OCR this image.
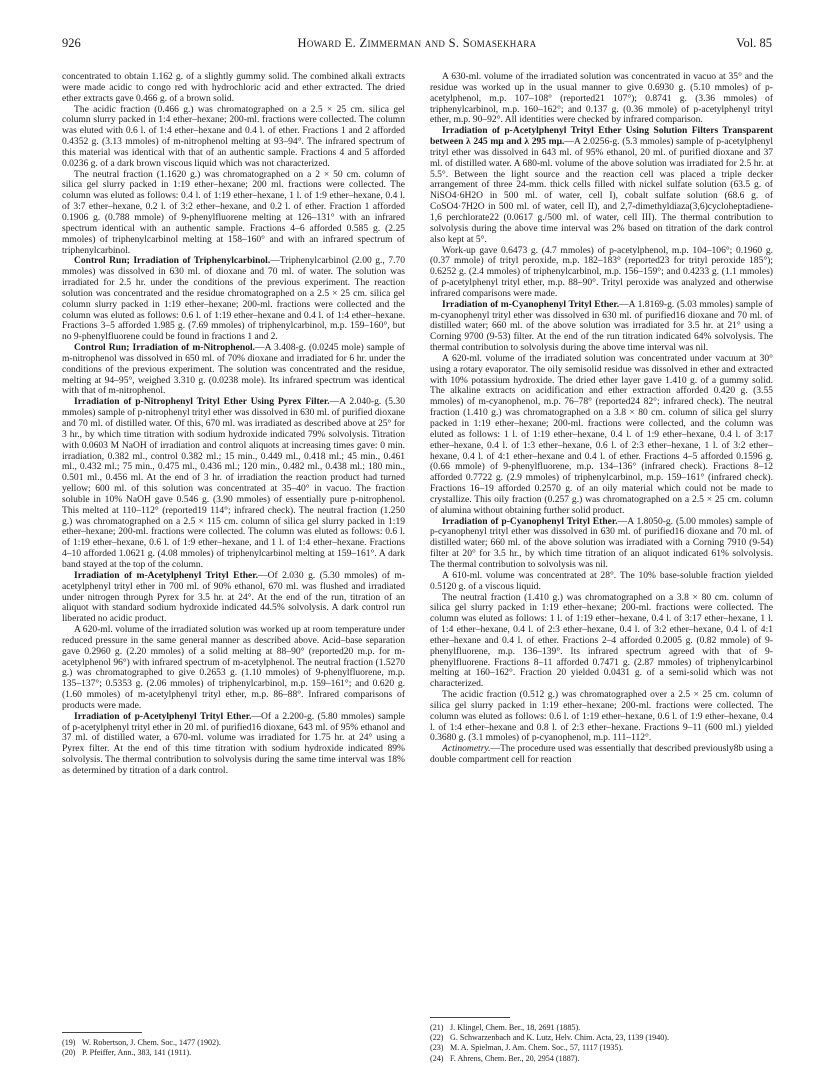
926	Howard E. Zimmerman and S. Somasekhara	Vol. 85

concentrated to obtain 1.162 g. of a slightly gummy solid. The combined alkali extracts were made acidic to congo red with hydrochloric acid and ether extracted. The dried ether extracts gave 0.466 g. of a brown solid.

The acidic fraction (0.466 g.) was chromatographed on a 2.5 × 25 cm. silica gel column slurry packed in 1:4 ether–hexane; 200-ml. fractions were collected. The column was eluted with 0.6 l. of 1:4 ether–hexane and 0.4 l. of ether. Fractions 1 and 2 afforded 0.4352 g. (3.13 mmoles) of m-nitrophenol melting at 93–94°. The infrared spectrum of this material was identical with that of an authentic sample. Fractions 4 and 5 afforded 0.0236 g. of a dark brown viscous liquid which was not characterized.

The neutral fraction (1.1620 g.) was chromatographed on a 2 × 50 cm. column of silica gel slurry packed in 1:19 ether–hexane; 200 ml. fractions were collected. The column was eluted as follows: 0.4 l. of 1:19 ether–hexane, 1 l. of 1:9 ether–hexane, 0.4 l. of 3:7 ether–hexane, 0.2 l. of 3:2 ether–hexane, and 0.2 l. of ether. Fraction 1 afforded 0.1906 g. (0.788 mmole) of 9-phenylfluorene melting at 126–131° with an infrared spectrum identical with an authentic sample. Fractions 4–6 afforded 0.585 g. (2.25 mmoles) of triphenylcarbinol melting at 158–160° and with an infrared spectrum of triphenylcarbinol.

Control Run; Irradiation of Triphenylcarbinol.—Triphenylcarbinol (2.00 g., 7.70 mmoles) was dissolved in 630 ml. of dioxane and 70 ml. of water. The solution was irradiated for 2.5 hr. under the conditions of the previous experiment. The reaction solution was concentrated and the residue chromatographed on a 2.5 × 25 cm. silica gel column slurry packed in 1:19 ether–hexane; 200-ml. fractions were collected and the column was eluted as follows: 0.6 l. of 1:19 ether–hexane and 0.4 l. of 1:4 ether–hexane. Fractions 3–5 afforded 1.985 g. (7.69 mmoles) of triphenylcarbinol, m.p. 159–160°, but no 9-phenylfluorene could be found in fractions 1 and 2.

Control Run; Irradiation of m-Nitrophenol.—A 3.408-g. (0.0245 mole) sample of m-nitrophenol was dissolved in 650 ml. of 70% dioxane and irradiated for 6 hr. under the conditions of the previous experiment. The solution was concentrated and the residue, melting at 94–95°, weighed 3.310 g. (0.0238 mole). Its infrared spectrum was identical with that of m-nitrophenol.

Irradiation of p-Nitrophenyl Trityl Ether Using Pyrex Filter.—A 2.040-g. (5.30 mmoles) sample of p-nitrophenyl trityl ether was dissolved in 630 ml. of purified dioxane and 70 ml. of distilled water. Of this, 670 ml. was irradiated as described above at 25° for 3 hr., by which time titration with sodium hydroxide indicated 79% solvolysis. Titration with 0.0603 M NaOH of irradiation and control aliquots at increasing times gave: 0 min. irradiation, 0.382 ml., control 0.382 ml.; 15 min., 0.449 ml., 0.418 ml.; 45 min., 0.461 ml., 0.432 ml.; 75 min., 0.475 ml., 0.436 ml.; 120 min., 0.482 ml., 0.438 ml.; 180 min., 0.501 ml., 0.456 ml. At the end of 3 hr. of irradiation the reaction product had turned yellow; 600 ml. of this solution was concentrated at 35–40° in vacuo. The fraction soluble in 10% NaOH gave 0.546 g. (3.90 mmoles) of essentially pure p-nitrophenol. This melted at 110–112° (reported19 114°; infrared check). The neutral fraction (1.250 g.) was chromatographed on a 2.5 × 115 cm. column of silica gel slurry packed in 1:19 ether–hexane; 200-ml. fractions were collected. The column was eluted as follows: 0.6 l. of 1:19 ether–hexane, 0.6 l. of 1:9 ether–hexane, and 1 l. of 1:4 ether–hexane. Fractions 4–10 afforded 1.0621 g. (4.08 mmoles) of triphenylcarbinol melting at 159–161°. A dark band stayed at the top of the column.

Irradiation of m-Acetylphenyl Trityl Ether.—Of 2.030 g. (5.30 mmoles) of m-acetylphenyl trityl ether in 700 ml. of 90% ethanol, 670 ml. was flushed and irradiated under nitrogen through Pyrex for 3.5 hr. at 24°. At the end of the run, titration of an aliquot with standard sodium hydroxide indicated 44.5% solvolysis. A dark control run liberated no acidic product.

A 620-ml. volume of the irradiated solution was worked up at room temperature under reduced pressure in the same general manner as described above. Acid–base separation gave 0.2960 g. (2.20 mmoles) of a solid melting at 88–90° (reported20 m.p. for m-acetylphenol 96°) with infrared spectrum of m-acetylphenol. The neutral fraction (1.5270 g.) was chromatographed to give 0.2653 g. (1.10 mmoles) of 9-phenylfluorene, m.p. 135–137°; 0.5353 g. (2.06 mmoles) of triphenylcarbinol, m.p. 159–161°; and 0.620 g. (1.60 mmoles) of m-acetylphenyl trityl ether, m.p. 86–88°. Infrared comparisons of products were made.

Irradiation of p-Acetylphenyl Trityl Ether.—Of a 2.200-g. (5.80 mmoles) sample of p-acetylphenyl trityl ether in 20 ml. of purified16 dioxane, 643 ml. of 95% ethanol and 37 ml. of distilled water, a 670-ml. volume was irradiated for 1.75 hr. at 24° using a Pyrex filter. At the end of this time titration with sodium hydroxide indicated 89% solvolysis. The thermal contribution to solvolysis during the same time interval was 18% as determined by titration of a dark control.

(19) W. Robertson, J. Chem. Soc., 1477 (1902).

(20) P. Pfeiffer, Ann., 383, 141 (1911).

A 630-ml. volume of the irradiated solution was concentrated in vacuo at 35° and the residue was worked up in the usual manner to give 0.6930 g. (5.10 mmoles) of p-acetylphenol, m.p. 107–108° (reported21 107°); 0.8741 g. (3.36 mmoles) of triphenylcarbinol, m.p. 160–162°; and 0.137 g. (0.36 mmole) of p-acetylphenyl trityl ether, m.p. 90–92°. All identities were checked by infrared comparison.

Irradiation of p-Acetylphenyl Trityl Ether Using Solution Filters Transparent between λ 245 mμ and λ 295 mμ.—A 2.0256-g. (5.3 mmoles) sample of p-acetylphenyl trityl ether was dissolved in 643 ml. of 95% ethanol, 20 ml. of purified dioxane and 37 ml. of distilled water. A 680-ml. volume of the above solution was irradiated for 2.5 hr. at 5.5°. Between the light source and the reaction cell was placed a triple decker arrangement of three 24-mm. thick cells filled with nickel sulfate solution (63.5 g. of NiSO4·6H2O in 500 ml. of water, cell I), cobalt sulfate solution (68.6 g. of CoSO4·7H2O in 500 ml. of water, cell II), and 2,7-dimethyldiaza(3,6)cycloheptadiene-1,6 perchlorate22 (0.0617 g./500 ml. of water, cell III). The thermal contribution to solvolysis during the above time interval was 2% based on titration of the dark control also kept at 5°.

Work-up gave 0.6473 g. (4.7 mmoles) of p-acetylphenol, m.p. 104–106°; 0.1960 g. (0.37 mmole) of trityl peroxide, m.p. 182–183° (reported23 for trityl peroxide 185°); 0.6252 g. (2.4 mmoles) of triphenylcarbinol, m.p. 156–159°; and 0.4233 g. (1.1 mmoles) of p-acetylphenyl trityl ether, m.p. 88–90°. Trityl peroxide was analyzed and otherwise infrared comparisons were made.

Irradiation of m-Cyanophenyl Trityl Ether.—A 1.8169-g. (5.03 mmoles) sample of m-cyanophenyl trityl ether was dissolved in 630 ml. of purified16 dioxane and 70 ml. of distilled water; 660 ml. of the above solution was irradiated for 3.5 hr. at 21° using a Corning 9700 (9-53) filter. At the end of the run titration indicated 64% solvolysis. The thermal contribution to solvolysis during the above time interval was nil.

A 620-ml. volume of the irradiated solution was concentrated under vacuum at 30° using a rotary evaporator. The oily semisolid residue was dissolved in ether and extracted with 10% potassium hydroxide. The dried ether layer gave 1.410 g. of a gummy solid. The alkaline extracts on acidification and ether extraction afforded 0.420 g. (3.55 mmoles) of m-cyanophenol, m.p. 76–78° (reported24 82°; infrared check). The neutral fraction (1.410 g.) was chromatographed on a 3.8 × 80 cm. column of silica gel slurry packed in 1:19 ether–hexane; 200-ml. fractions were collected, and the column was eluted as follows: 1 l. of 1:19 ether–hexane, 0.4 l. of 1:9 ether–hexane, 0.4 l. of 3:17 ether–hexane, 0.4 l. of 1:3 ether–hexane, 0.6 l. of 2:3 ether–hexane, 1 l. of 3:2 ether–hexane, 0.4 l. of 4:1 ether–hexane and 0.4 l. of ether. Fractions 4–5 afforded 0.1596 g. (0.66 mmole) of 9-phenylfluorene, m.p. 134–136° (infrared check). Fractions 8–12 afforded 0.7722 g. (2.9 mmoles) of triphenylcarbinol, m.p. 159–161° (infrared check). Fractions 16–19 afforded 0.2570 g. of an oily material which could not be made to crystallize. This oily fraction (0.257 g.) was chromatographed on a 2.5 × 25 cm. column of alumina without obtaining further solid product.

Irradiation of p-Cyanophenyl Trityl Ether.—A 1.8050-g. (5.00 mmoles) sample of p-cyanophenyl trityl ether was dissolved in 630 ml. of purified16 dioxane and 70 ml. of distilled water; 660 ml. of the above solution was irradiated with a Corning 7910 (9-54) filter at 20° for 3.5 hr., by which time titration of an aliquot indicated 61% solvolysis. The thermal contribution to solvolysis was nil.

A 610-ml. volume was concentrated at 28°. The 10% base-soluble fraction yielded 0.5120 g. of a viscous liquid.

The neutral fraction (1.410 g.) was chromatographed on a 3.8 × 80 cm. column of silica gel slurry packed in 1:19 ether–hexane; 200-ml. fractions were collected. The column was eluted as follows: 1 l. of 1:19 ether–hexane, 0.4 l. of 3:17 ether–hexane, 1 l. of 1:4 ether–hexane, 0.4 l. of 2:3 ether–hexane, 0.4 l. of 3:2 ether–hexane, 0.4 l. of 4:1 ether–hexane and 0.4 l. of ether. Fractions 2–4 afforded 0.2005 g. (0.82 mmole) of 9-phenylfluorene, m.p. 136–139°. Its infrared spectrum agreed with that of 9-phenylfluorene. Fractions 8–11 afforded 0.7471 g. (2.87 mmoles) of triphenylcarbinol melting at 160–162°. Fraction 20 yielded 0.0431 g. of a semi-solid which was not characterized.

The acidic fraction (0.512 g.) was chromatographed over a 2.5 × 25 cm. column of silica gel slurry packed in 1:19 ether–hexane; 200-ml. fractions were collected. The column was eluted as follows: 0.6 l. of 1:19 ether–hexane, 0.6 l. of 1:9 ether–hexane, 0.4 l. of 1:4 ether–hexane and 0.8 l. of 2:3 ether–hexane. Fractions 9–11 (600 ml.) yielded 0.3680 g. (3.1 mmoles) of p-cyanophenol, m.p. 111–112°.

Actinometry.—The procedure used was essentially that described previously8b using a double compartment cell for reaction

(21) J. Klingel, Chem. Ber., 18, 2691 (1885).

(22) G. Schwarzenbach and K. Lutz, Helv. Chim. Acta, 23, 1139 (1940).

(23) M. A. Spielman, J. Am. Chem. Soc., 57, 1117 (1935).

(24) F. Ahrens, Chem. Ber., 20, 2954 (1887).
